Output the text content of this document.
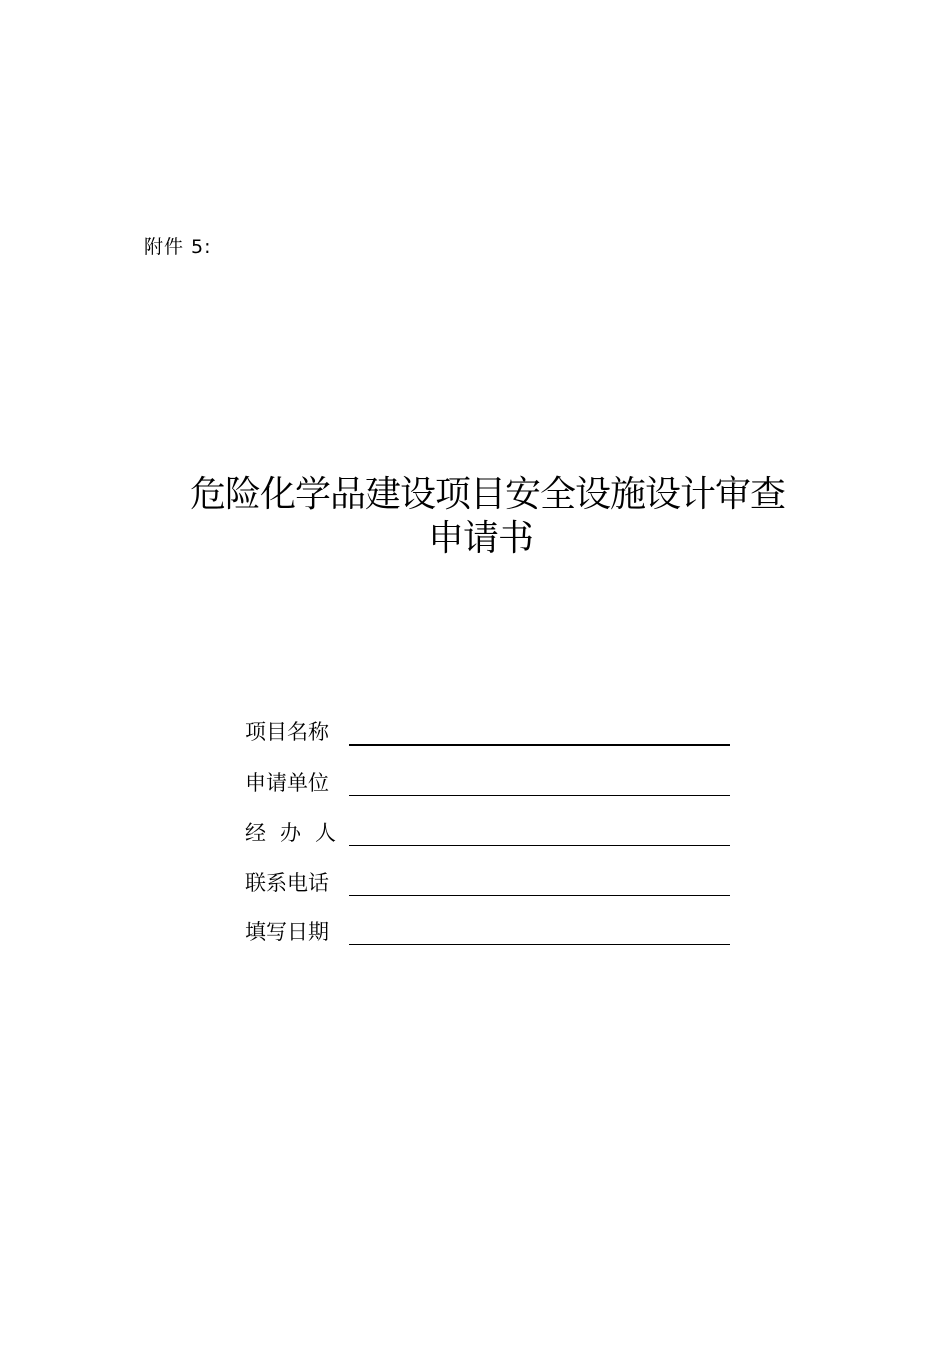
附件 5:
危险化学品建设项目安全设施设计审查
申请书
项目名称
申请单位
经办人
联系电话
填写日期
